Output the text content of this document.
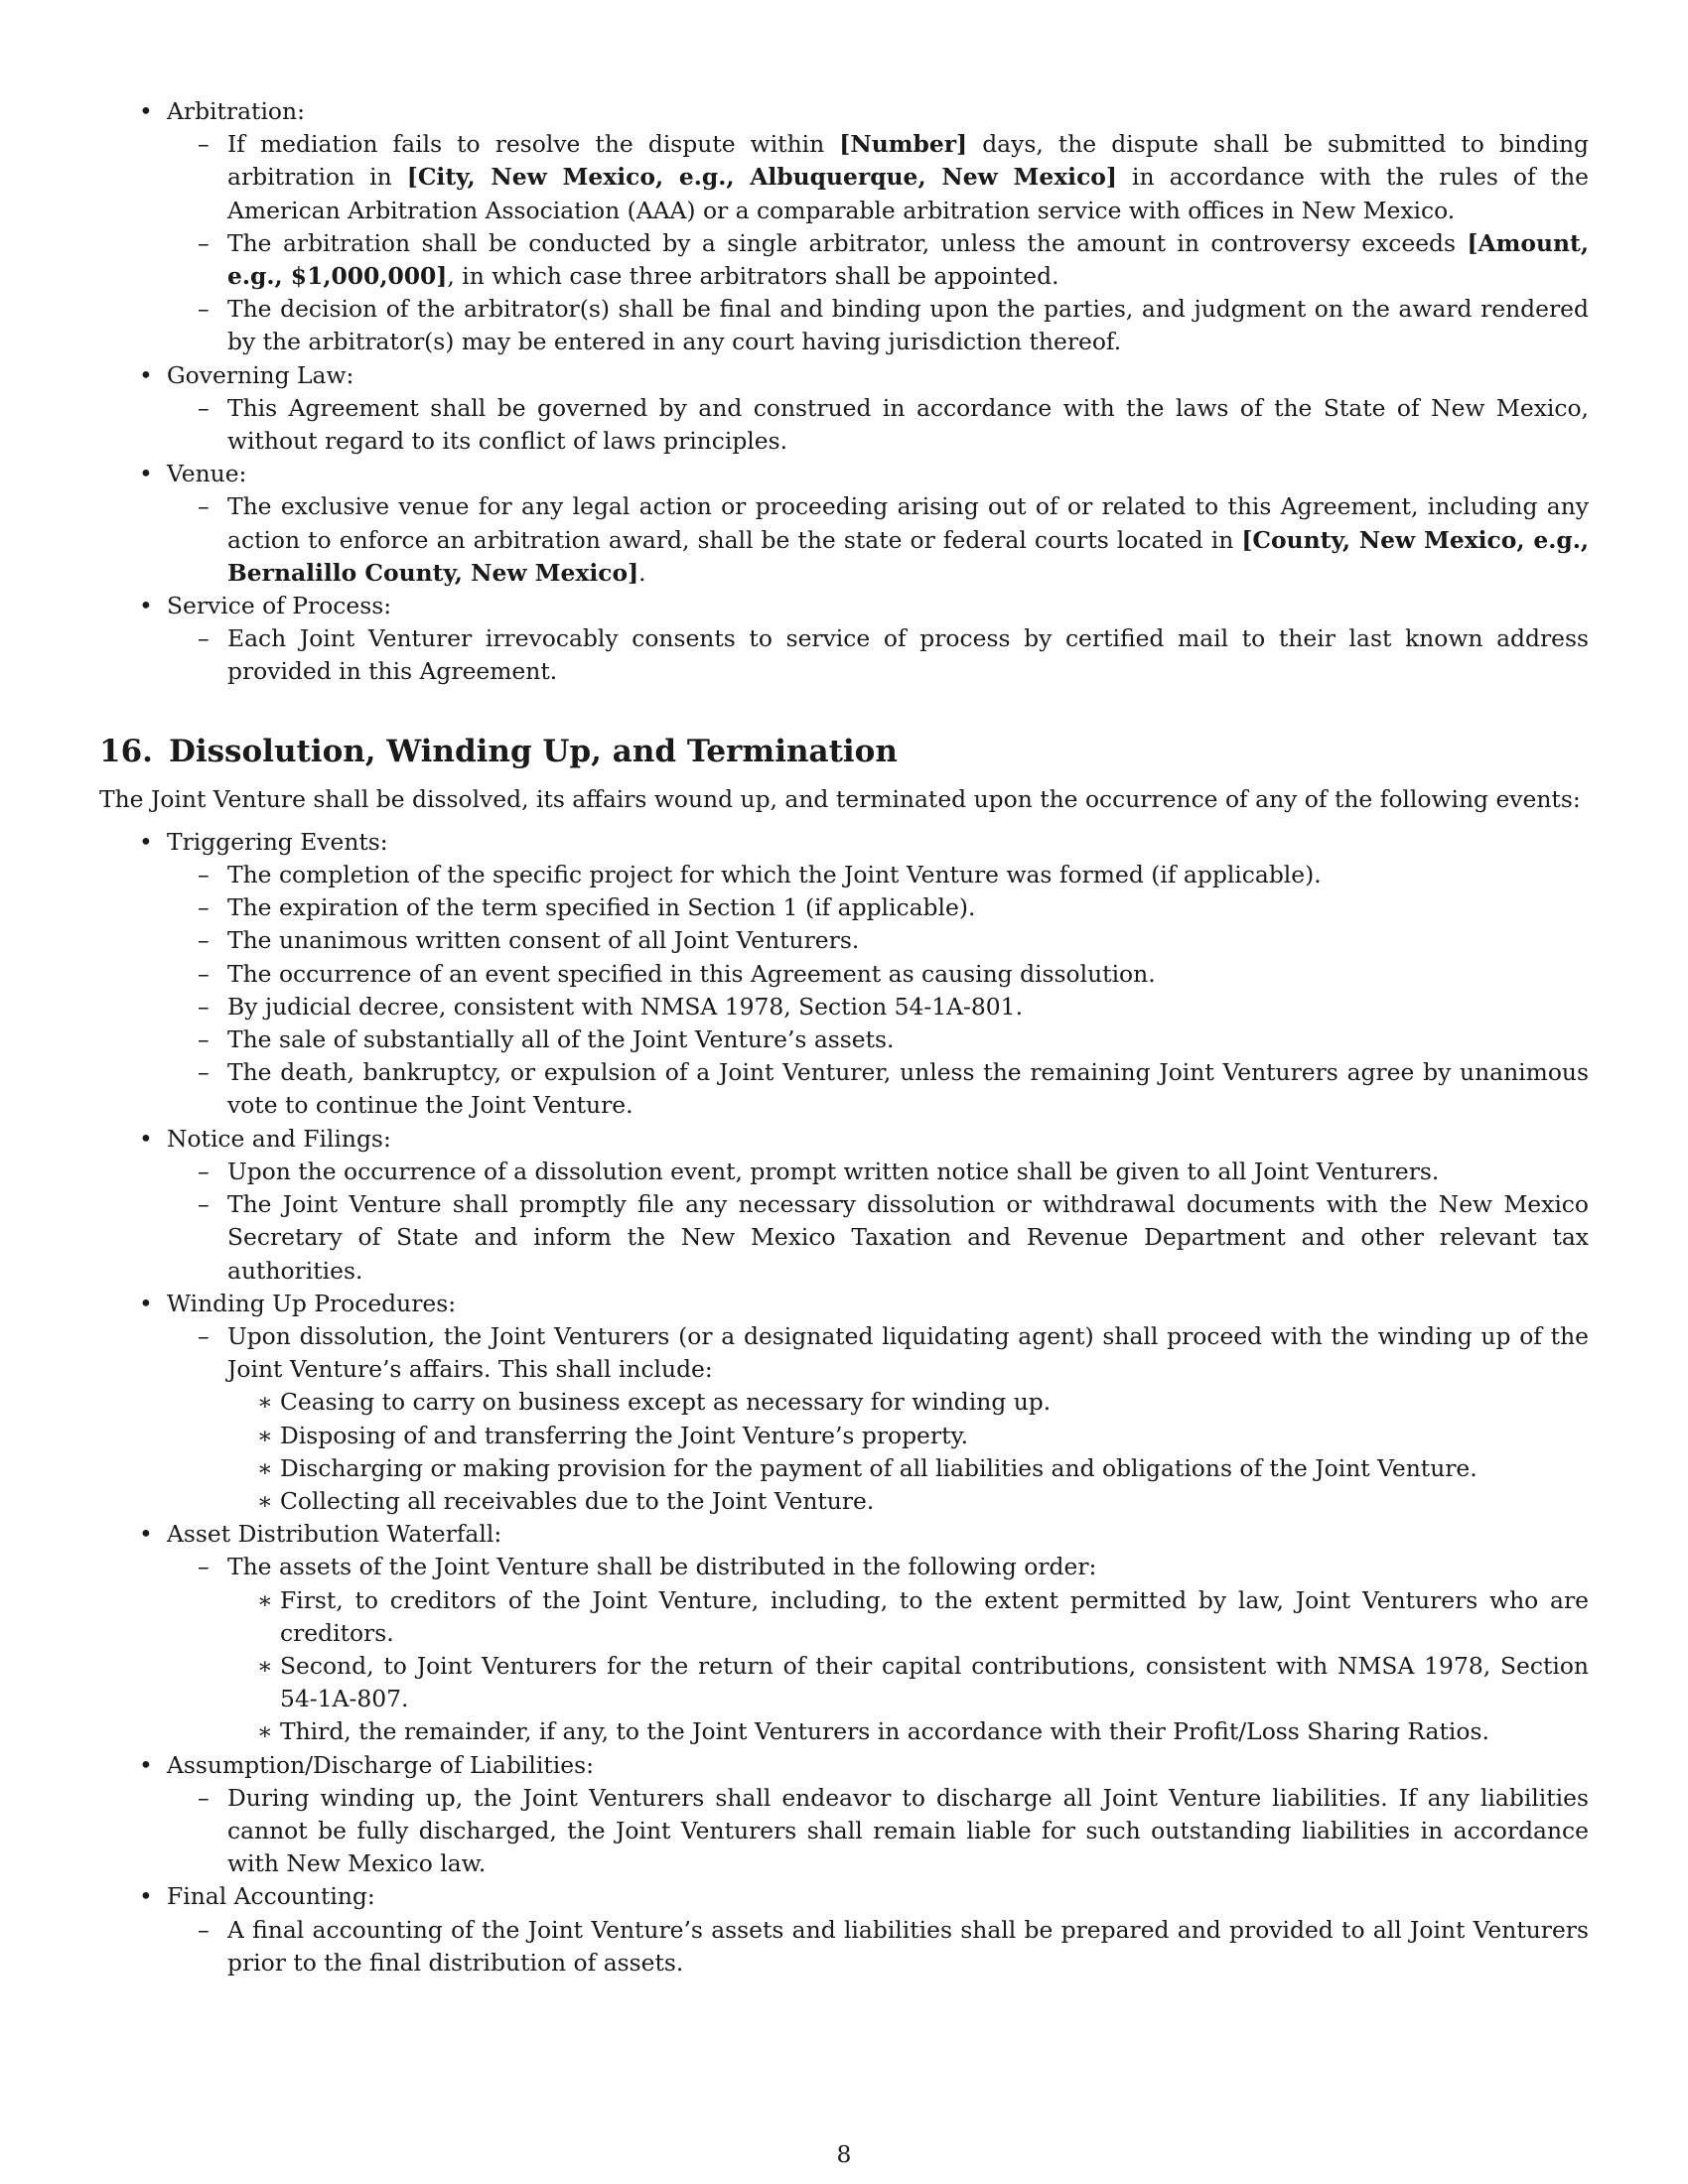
• Arbitration:
– If mediation fails to resolve the dispute within [Number] days, the dispute shall be submitted to binding arbitration in [City, New Mexico, e.g., Albuquerque, New Mexico] in accordance with the rules of the American Arbitration Association (AAA) or a comparable arbitration service with offices in New Mexico.
– The arbitration shall be conducted by a single arbitrator, unless the amount in controversy exceeds [Amount, e.g., $1,000,000], in which case three arbitrators shall be appointed.
– The decision of the arbitrator(s) shall be final and binding upon the parties, and judgment on the award rendered by the arbitrator(s) may be entered in any court having jurisdiction thereof.
• Governing Law:
– This Agreement shall be governed by and construed in accordance with the laws of the State of New Mexico, without regard to its conflict of laws principles.
• Venue:
– The exclusive venue for any legal action or proceeding arising out of or related to this Agreement, including any action to enforce an arbitration award, shall be the state or federal courts located in [County, New Mexico, e.g., Bernalillo County, New Mexico].
• Service of Process:
– Each Joint Venturer irrevocably consents to service of process by certified mail to their last known address provided in this Agreement.
16. Dissolution, Winding Up, and Termination

The Joint Venture shall be dissolved, its affairs wound up, and terminated upon the occurrence of any of the following events:

• Triggering Events:
– The completion of the specific project for which the Joint Venture was formed (if applicable).
– The expiration of the term specified in Section 1 (if applicable).
– The unanimous written consent of all Joint Venturers.
– The occurrence of an event specified in this Agreement as causing dissolution.
– By judicial decree, consistent with NMSA 1978, Section 54-1A-801.
– The sale of substantially all of the Joint Venture’s assets.
– The death, bankruptcy, or expulsion of a Joint Venturer, unless the remaining Joint Venturers agree by unanimous vote to continue the Joint Venture.
• Notice and Filings:
– Upon the occurrence of a dissolution event, prompt written notice shall be given to all Joint Venturers.
– The Joint Venture shall promptly file any necessary dissolution or withdrawal documents with the New Mexico Secretary of State and inform the New Mexico Taxation and Revenue Department and other relevant tax authorities.
• Winding Up Procedures:
– Upon dissolution, the Joint Venturers (or a designated liquidating agent) shall proceed with the winding up of the Joint Venture’s affairs. This shall include:
∗ Ceasing to carry on business except as necessary for winding up.
∗ Disposing of and transferring the Joint Venture’s property.
∗ Discharging or making provision for the payment of all liabilities and obligations of the Joint Venture.
∗ Collecting all receivables due to the Joint Venture.
• Asset Distribution Waterfall:
– The assets of the Joint Venture shall be distributed in the following order:
∗ First, to creditors of the Joint Venture, including, to the extent permitted by law, Joint Venturers who are creditors.
∗ Second, to Joint Venturers for the return of their capital contributions, consistent with NMSA 1978, Section 54-1A-807.
∗ Third, the remainder, if any, to the Joint Venturers in accordance with their Profit/Loss Sharing Ratios.
• Assumption/Discharge of Liabilities:
– During winding up, the Joint Venturers shall endeavor to discharge all Joint Venture liabilities. If any liabilities cannot be fully discharged, the Joint Venturers shall remain liable for such outstanding liabilities in accordance with New Mexico law.
• Final Accounting:
– A final accounting of the Joint Venture’s assets and liabilities shall be prepared and provided to all Joint Venturers prior to the final distribution of assets.
8
